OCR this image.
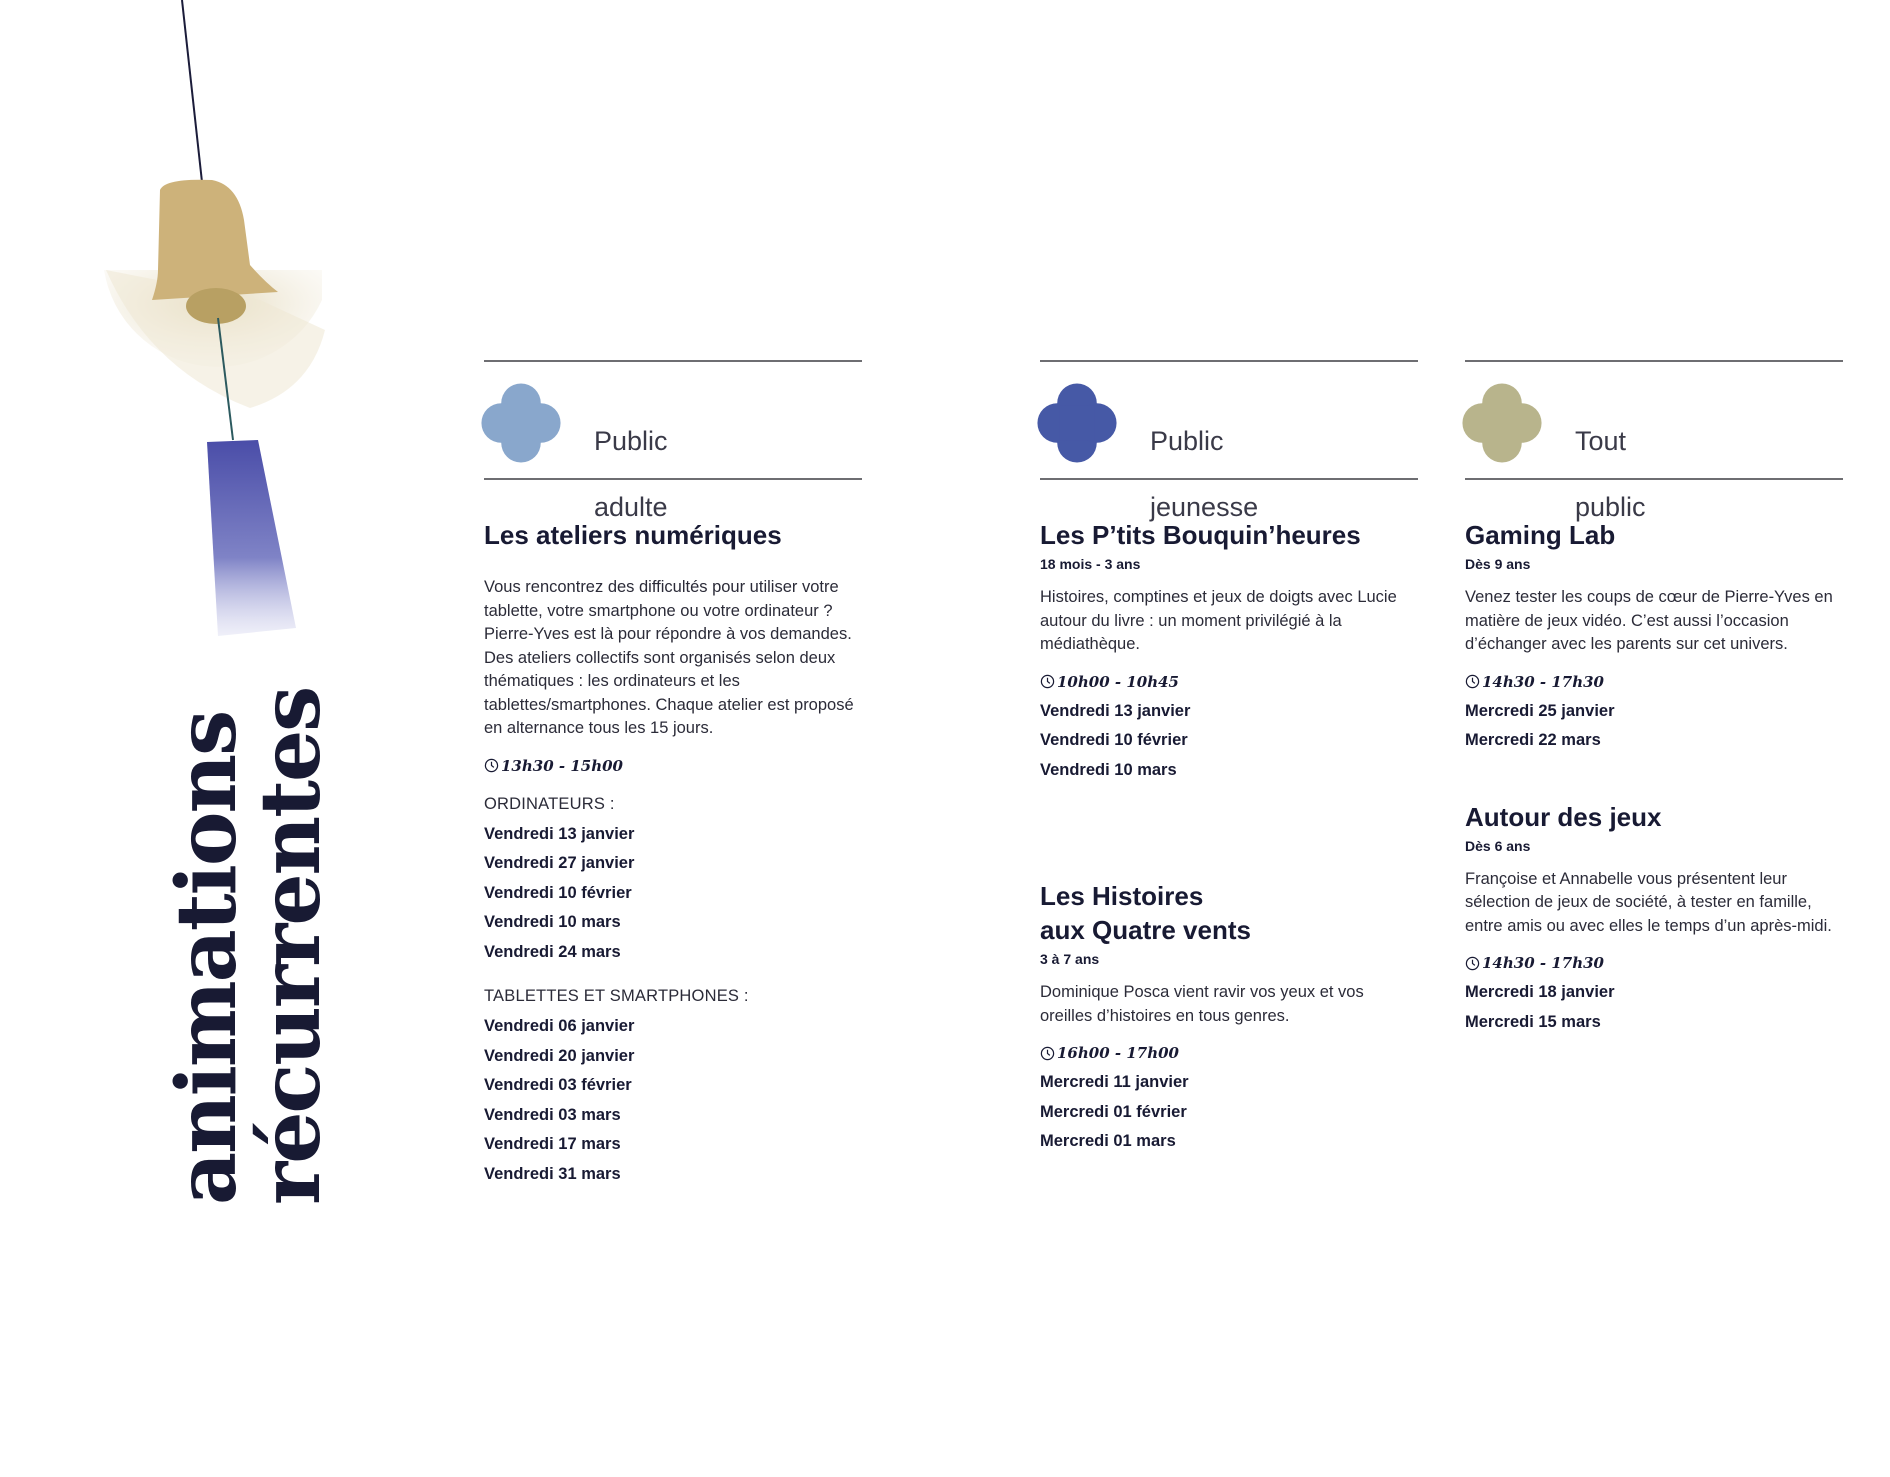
animations
récurrentes

Public

adulte

Les ateliers numériques
Vous rencontrez des difficultés pour utiliser votre tablette, votre smartphone ou votre ordinateur ? Pierre-Yves est là pour répondre à vos demandes. Des ateliers collectifs sont organisés selon deux thématiques : les ordinateurs et les tablettes/smartphones. Chaque atelier est proposé en alternance tous les 15 jours.
13h30 - 15h00
ORDINATEURS :
Vendredi 13 janvier
Vendredi 27 janvier
Vendredi 10 février
Vendredi 10 mars
Vendredi 24 mars
TABLETTES ET SMARTPHONES :
Vendredi 06 janvier
Vendredi 20 janvier
Vendredi 03 février
Vendredi 03 mars
Vendredi 17 mars
Vendredi 31 mars

Public

jeunesse

Les P’tits Bouquin’heures
18 mois - 3 ans
Histoires, comptines et jeux de doigts avec Lucie autour du livre : un moment privilégié à la médiathèque.
10h00 - 10h45
Vendredi 13 janvier
Vendredi 10 février
Vendredi 10 mars
Les Histoires
aux Quatre vents
3 à 7 ans
Dominique Posca vient ravir vos yeux et vos oreilles d’histoires en tous genres.
16h00 - 17h00
Mercredi 11 janvier
Mercredi 01 février
Mercredi 01 mars

Tout

public

Gaming Lab
Dès 9 ans
Venez tester les coups de cœur de Pierre-Yves en matière de jeux vidéo. C’est aussi l’occasion d’échanger avec les parents sur cet univers.
14h30 - 17h30
Mercredi 25 janvier
Mercredi 22 mars
Autour des jeux
Dès 6 ans
Françoise et Annabelle vous présentent leur sélection de jeux de société, à tester en famille, entre amis ou avec elles le temps d’un après-midi.
14h30 - 17h30
Mercredi 18 janvier
Mercredi 15 mars
